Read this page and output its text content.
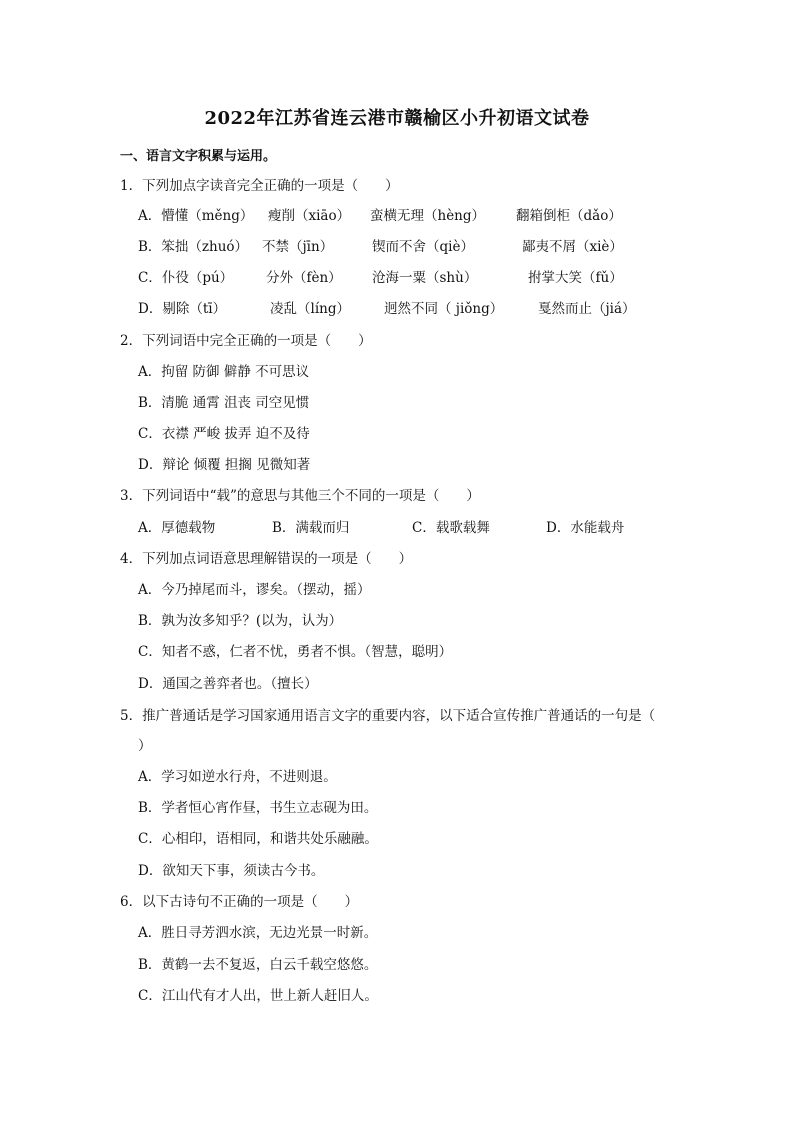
2022年江苏省连云港市赣榆区小升初语文试卷
一、语言文字积累与运用。
1．下列加点字读音完全正确的一项是（　　）
A．懵懂（měng） 瘦削（xiāo） 蛮横无理（hèng） 翻箱倒柜（dǎo）
B．笨拙（zhuó） 不禁（jīn）	锲而不舍（qiè）	鄙夷不屑（xiè）
C．仆役（pú） 分外（fèn） 沧海一粟（shù）	拊掌大笑（fǔ）
D．剔除（tī）	凌乱（líng）	迥然不同（ jiǒng）	戛然而止（jiá）
2．下列词语中完全正确的一项是（　　）
A．拘留 防御 僻静 不可思议
B．清脆 通霄 沮丧 司空见惯
C．衣襟 严峻 拔弄 迫不及待
D．辩论 倾覆 担搁 见微知著
3．下列词语中“载”的意思与其他三个不同的一项是（　　）
A．厚德载物	B．满载而归	C．载歌载舞	D．水能载舟
4．下列加点词语意思理解错误的一项是（　　）
A．今乃掉尾而斗，谬矣。（摆动，摇）
B．孰为汝多知乎？(以为，认为）
C．知者不惑，仁者不忧，勇者不惧。（智慧，聪明）
D．通国之善弈者也。（擅长）
5．推广普通话是学习国家通用语言文字的重要内容，以下适合宣传推广普通话的一句是（
）
A．学习如逆水行舟，不进则退。
B．学者恒心宵作昼，书生立志砚为田。
C．心相印，语相同，和谐共处乐融融。
D．欲知天下事，须读古今书。
6．以下古诗句不正确的一项是（　　）
A．胜日寻芳泗水滨，无边光景一时新。
B．黄鹤一去不复返，白云千载空悠悠。
C．江山代有才人出，世上新人赶旧人。
